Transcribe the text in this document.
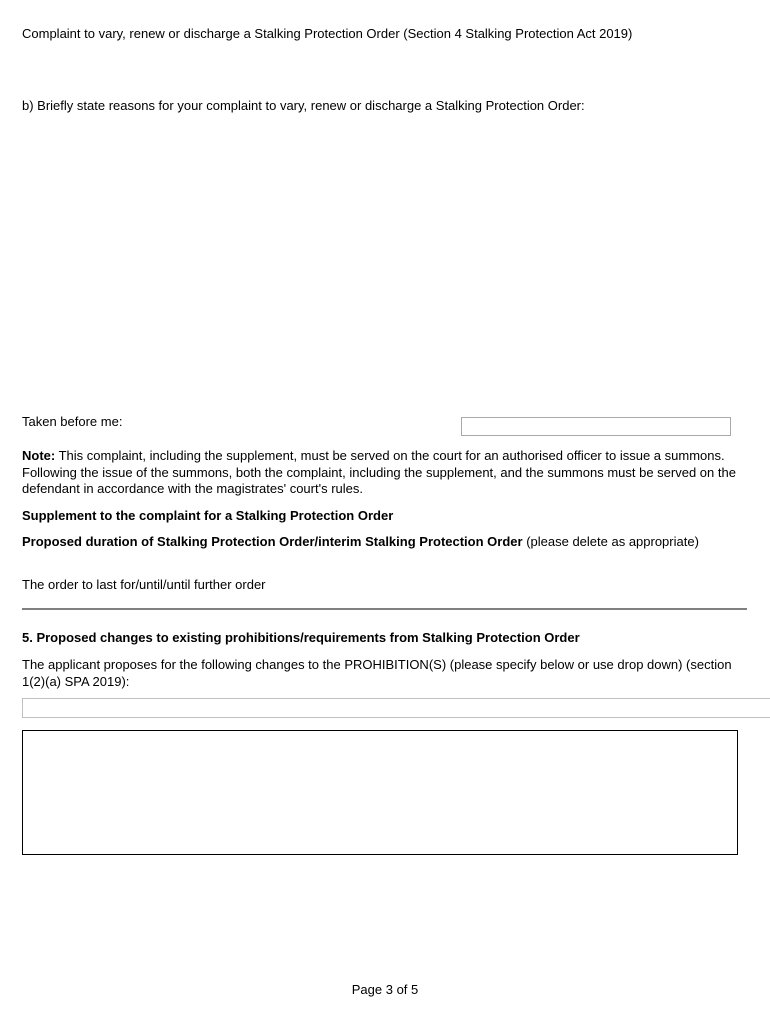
Complaint to vary, renew or discharge a Stalking Protection Order (Section 4 Stalking Protection Act 2019)
b) Briefly state reasons for your complaint to vary, renew or discharge a Stalking Protection Order:
Taken before me:
Note: This complaint, including the supplement, must be served on the court for an authorised officer to issue a summons. Following the issue of the summons, both the complaint, including the supplement, and the summons must be served on the defendant in accordance with the magistrates' court's rules.
Supplement to the complaint for a Stalking Protection Order
Proposed duration of Stalking Protection Order/interim Stalking Protection Order (please delete as appropriate)
The order to last for/until/until further order
5. Proposed changes to existing prohibitions/requirements from Stalking Protection Order
The applicant proposes for the following changes to the PROHIBITION(S) (please specify below or use drop down) (section 1(2)(a) SPA 2019):
Page 3 of 5
